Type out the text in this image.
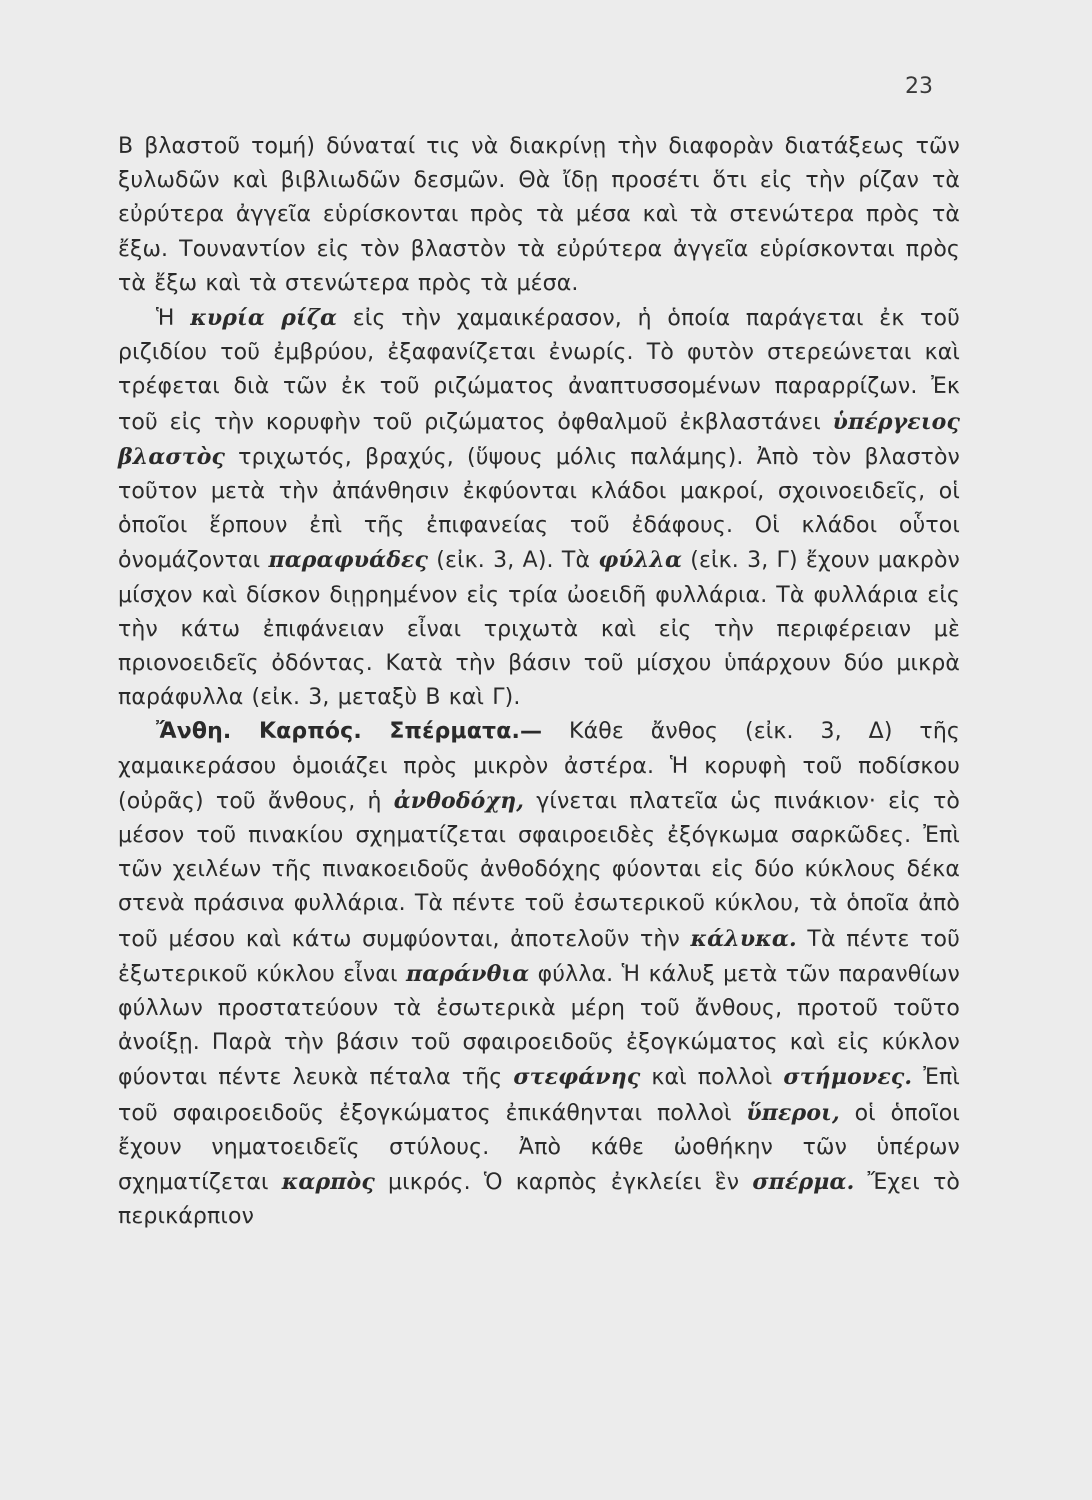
23

Β βλαστοῦ τομή) δύναταί τις νὰ διακρίνῃ τὴν διαφορὰν διατάξεως τῶν ξυλωδῶν καὶ βιβλιωδῶν δεσμῶν. Θὰ ἴδῃ προσέτι ὅτι εἰς τὴν ρίζαν τὰ εὐρύτερα ἀγγεῖα εὑρίσκονται πρὸς τὰ μέσα καὶ τὰ στενώτερα πρὸς τὰ ἔξω. Τουναντίον εἰς τὸν βλαστὸν τὰ εὐρύτερα ἀγγεῖα εὑρίσκονται πρὸς τὰ ἔξω καὶ τὰ στενώτερα πρὸς τὰ μέσα.

Ἡ κυρία ρίζα εἰς τὴν χαμαικέρασον, ἡ ὁποία παράγεται ἐκ τοῦ ριζιδίου τοῦ ἐμβρύου, ἐξαφανίζεται ἐνωρίς. Τὸ φυτὸν στερεώνεται καὶ τρέφεται διὰ τῶν ἐκ τοῦ ριζώματος ἀναπτυσσομένων παραρρίζων. Ἐκ τοῦ εἰς τὴν κορυφὴν τοῦ ριζώματος ὀφθαλμοῦ ἐκβλαστάνει ὑπέργειος βλαστὸς τριχωτός, βραχύς, (ὕψους μόλις παλάμης). Ἀπὸ τὸν βλαστὸν τοῦτον μετὰ τὴν ἀπάνθησιν ἐκφύονται κλάδοι μακροί, σχοινοειδεῖς, οἱ ὁποῖοι ἕρπουν ἐπὶ τῆς ἐπιφανείας τοῦ ἐδάφους. Οἱ κλάδοι οὗτοι ὀνομάζονται παραφυάδες (εἰκ. 3, Α). Τὰ φύλλα (εἰκ. 3, Γ) ἔχουν μακρὸν μίσχον καὶ δίσκον διῃρημένον εἰς τρία ὠοειδῆ φυλλάρια. Τὰ φυλλάρια εἰς τὴν κάτω ἐπιφάνειαν εἶναι τριχωτὰ καὶ εἰς τὴν περιφέρειαν μὲ πριονοειδεῖς ὀδόντας. Κατὰ τὴν βάσιν τοῦ μίσχου ὑπάρχουν δύο μικρὰ παράφυλλα (εἰκ. 3, μεταξὺ Β καὶ Γ).

Ἄνθη. Καρπός. Σπέρματα.— Κάθε ἄνθος (εἰκ. 3, Δ) τῆς χαμαικεράσου ὁμοιάζει πρὸς μικρὸν ἀστέρα. Ἡ κορυφὴ τοῦ ποδίσκου (οὐρᾶς) τοῦ ἄνθους, ἡ ἀνθοδόχη, γίνεται πλατεῖα ὡς πινάκιον· εἰς τὸ μέσον τοῦ πινακίου σχηματίζεται σφαιροειδὲς ἐξόγκωμα σαρκῶδες. Ἐπὶ τῶν χειλέων τῆς πινακοειδοῦς ἀνθοδόχης φύονται εἰς δύο κύκλους δέκα στενὰ πράσινα φυλλάρια. Τὰ πέντε τοῦ ἐσωτερικοῦ κύκλου, τὰ ὁποῖα ἀπὸ τοῦ μέσου καὶ κάτω συμφύονται, ἀποτελοῦν τὴν κάλυκα. Τὰ πέντε τοῦ ἐξωτερικοῦ κύκλου εἶναι παράνθια φύλλα. Ἡ κάλυξ μετὰ τῶν παρανθίων φύλλων προστατεύουν τὰ ἐσωτερικὰ μέρη τοῦ ἄνθους, προτοῦ τοῦτο ἀνοίξῃ. Παρὰ τὴν βάσιν τοῦ σφαιροειδοῦς ἐξογκώματος καὶ εἰς κύκλον φύονται πέντε λευκὰ πέταλα τῆς στεφάνης καὶ πολλοὶ στήμονες. Ἐπὶ τοῦ σφαιροειδοῦς ἐξογκώματος ἐπικάθηνται πολλοὶ ὕπεροι, οἱ ὁποῖοι ἔχουν νηματοειδεῖς στύλους. Ἀπὸ κάθε ὠοθήκην τῶν ὑπέρων σχηματίζεται καρπὸς μικρός. Ὁ καρπὸς ἐγκλείει ἓν σπέρμα. Ἔχει τὸ περικάρπιον
